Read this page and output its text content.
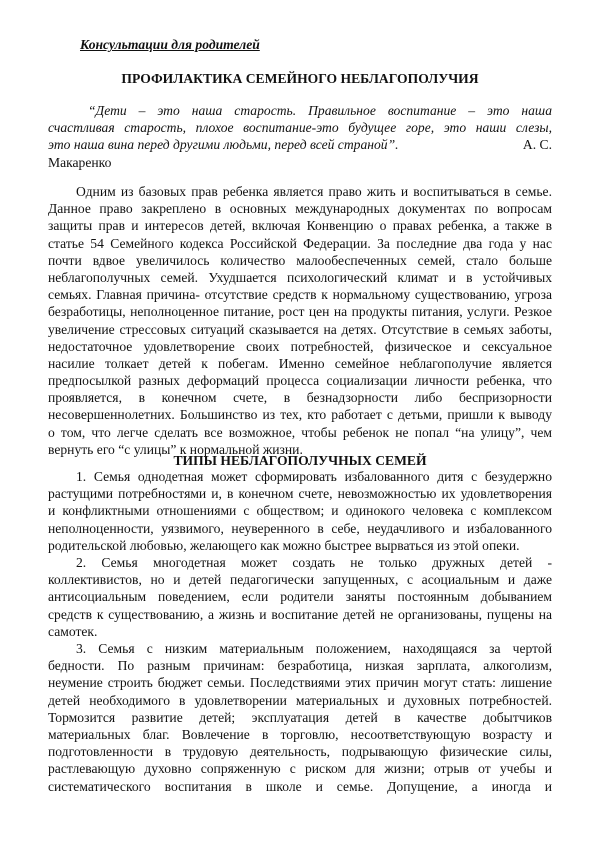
Консультации для родителей
ПРОФИЛАКТИКА СЕМЕЙНОГО НЕБЛАГОПОЛУЧИЯ
“Дети – это наша старость. Правильное воспитание – это наша
счастливая старость, плохое воспитание-это будущее горе, это наши слезы,
это наша вина перед другими людьми, перед всей страной”.	А. С.
Макаренко
Одним из базовых прав ребенка является право жить и воспитываться в семье.
Данное право закреплено в основных международных документах по вопросам
защиты прав и интересов детей, включая Конвенцию о правах ребенка, а также в
статье 54 Семейного кодекса Российской Федерации. За последние два года у нас
почти вдвое увеличилось количество малообеспеченных семей, стало больше
неблагополучных семей. Ухудшается психологический климат и в устойчивых
семьях. Главная причина- отсутствие средств к нормальному существованию, угроза
безработицы, неполноценное питание, рост цен на продукты питания, услуги. Резкое
увеличение стрессовых ситуаций сказывается на детях. Отсутствие в семьях заботы,
недостаточное удовлетворение своих потребностей, физическое и сексуальное
насилие толкает детей к побегам. Именно семейное неблагополучие является
предпосылкой разных деформаций процесса социализации личности ребенка, что
проявляется, в конечном счете, в безнадзорности либо беспризорности
несовершеннолетних. Большинство из тех, кто работает с детьми, пришли к выводу
о том, что легче сделать все возможное, чтобы ребенок не попал “на улицу”, чем
вернуть его “с улицы” к нормальной жизни.
ТИПЫ НЕБЛАГОПОЛУЧНЫХ СЕМЕЙ
1. Семья однодетная может сформировать избалованного дитя с безудержно
растущими потребностями и, в конечном счете, невозможностью их удовлетворения
и конфликтными отношениями с обществом; и одинокого человека с комплексом
неполноценности, уязвимого, неуверенного в себе, неудачливого и избалованного
родительской любовью, желающего как можно быстрее вырваться из этой опеки.
2. Семья многодетная может создать не только дружных детей -
коллективистов, но и детей педагогически запущенных, с асоциальным и даже
антисоциальным поведением, если родители заняты постоянным добыванием
средств к существованию, а жизнь и воспитание детей не организованы, пущены на
самотек.
3. Семья с низким материальным положением, находящаяся за чертой
бедности. По разным причинам: безработица, низкая зарплата, алкоголизм,
неумение строить бюджет семьи. Последствиями этих причин могут стать: лишение
детей необходимого в удовлетворении материальных и духовных потребностей.
Тормозится развитие детей; эксплуатация детей в качестве добытчиков
материальных благ. Вовлечение в торговлю, несоответствующую возрасту и
подготовленности в трудовую деятельность, подрывающую физические силы,
растлевающую духовно сопряженную с риском для жизни; отрыв от учебы и
систематического воспитания в школе и семье. Допущение, а иногда и
